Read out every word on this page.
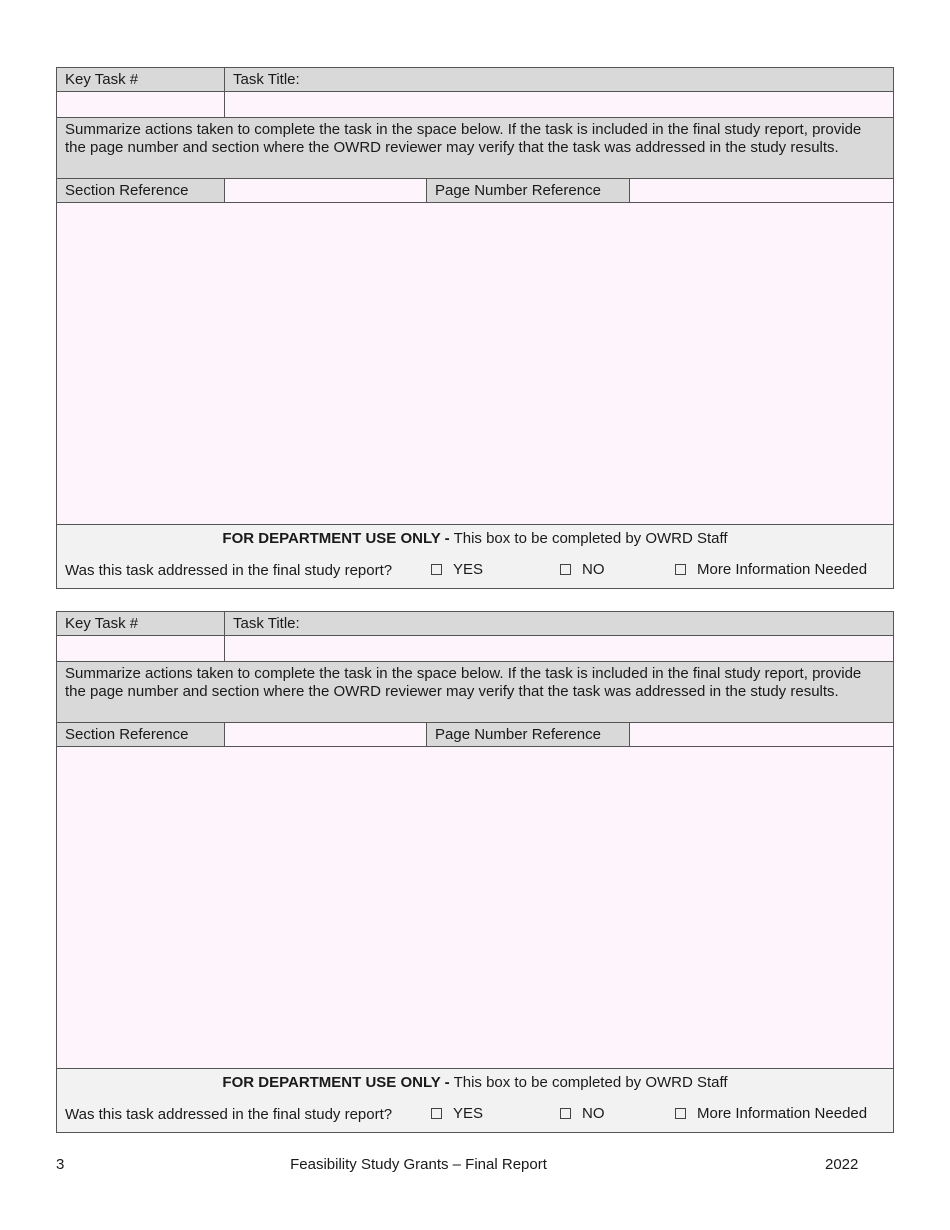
Key Task #	Task Title:
Summarize actions taken to complete the task in the space below. If the task is included in the final study report, provide the page number and section where the OWRD reviewer may verify that the task was addressed in the study results.
Section Reference	Page Number Reference
FOR DEPARTMENT USE ONLY - This box to be completed by OWRD Staff
Was this task addressed in the final study report?	YES	NO	More Information Needed
Key Task #	Task Title:
Summarize actions taken to complete the task in the space below. If the task is included in the final study report, provide the page number and section where the OWRD reviewer may verify that the task was addressed in the study results.
Section Reference	Page Number Reference
FOR DEPARTMENT USE ONLY - This box to be completed by OWRD Staff
Was this task addressed in the final study report?	YES	NO	More Information Needed
3	Feasibility Study Grants – Final Report	2022
